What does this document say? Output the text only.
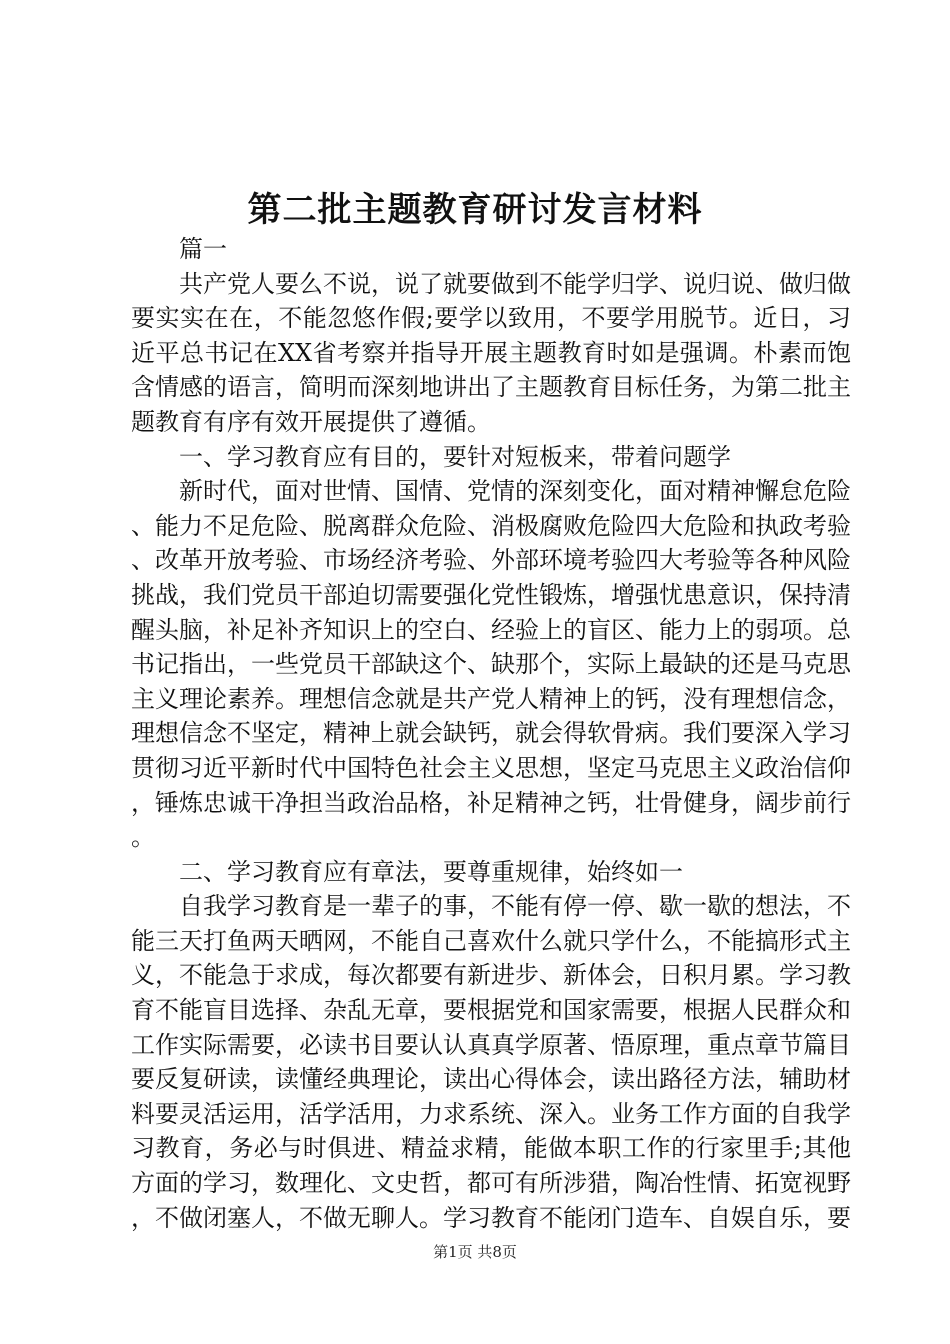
第二批主题教育研讨发言材料

篇一

共产党人要么不说，说了就要做到不能学归学、说归说、做归做要实实在在，不能忽悠作假;要学以致用，不要学用脱节。近日，习近平总书记在XX省考察并指导开展主题教育时如是强调。朴素而饱含情感的语言，简明而深刻地讲出了主题教育目标任务，为第二批主题教育有序有效开展提供了遵循。

一、学习教育应有目的，要针对短板来，带着问题学

新时代，面对世情、国情、党情的深刻变化，面对精神懈怠危险、能力不足危险、脱离群众危险、消极腐败危险四大危险和执政考验、改革开放考验、市场经济考验、外部环境考验四大考验等各种风险挑战，我们党员干部迫切需要强化党性锻炼，增强忧患意识，保持清醒头脑，补足补齐知识上的空白、经验上的盲区、能力上的弱项。总书记指出，一些党员干部缺这个、缺那个，实际上最缺的还是马克思主义理论素养。理想信念就是共产党人精神上的钙，没有理想信念，理想信念不坚定，精神上就会缺钙，就会得软骨病。我们要深入学习贯彻习近平新时代中国特色社会主义思想，坚定马克思主义政治信仰，锤炼忠诚干净担当政治品格，补足精神之钙，壮骨健身，阔步前行。

二、学习教育应有章法，要尊重规律，始终如一

自我学习教育是一辈子的事，不能有停一停、歇一歇的想法，不能三天打鱼两天晒网，不能自己喜欢什么就只学什么，不能搞形式主义，不能急于求成，每次都要有新进步、新体会，日积月累。学习教育不能盲目选择、杂乱无章，要根据党和国家需要，根据人民群众和工作实际需要，必读书目要认认真真学原著、悟原理，重点章节篇目要反复研读，读懂经典理论，读出心得体会，读出路径方法，辅助材料要灵活运用，活学活用，力求系统、深入。业务工作方面的自我学习教育，务必与时俱进、精益求精，能做本职工作的行家里手;其他方面的学习，数理化、文史哲，都可有所涉猎，陶冶性情、拓宽视野，不做闭塞人，不做无聊人。学习教育不能闭门造车、自娱自乐，要

第1页 共8页
